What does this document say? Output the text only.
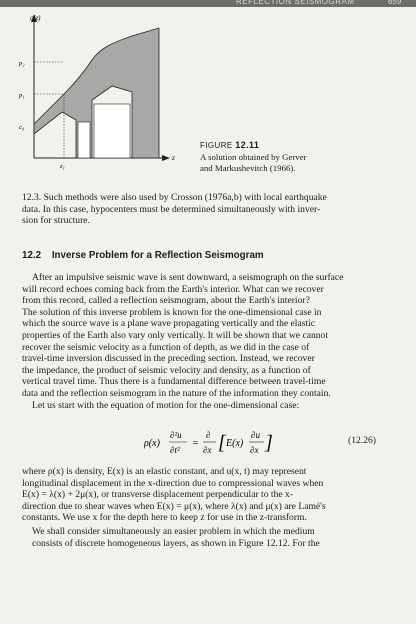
REFLECTION SEISMOGRAM	659
c(z)
z
p₂
p₁
c₀
z₁
FIGURE 12.11
A solution obtained by Gerver
and Markushevitch (1966).

12.3. Such methods were also used by Crosson (1976a,b) with local earthquake

data. In this case, hypocenters must be determined simultaneously with inver-

sion for structure.

12.2 Inverse Problem for a Reflection Seismogram

After an impulsive seismic wave is sent downward, a seismograph on the surface

will record echoes coming back from the Earth's interior. What can we recover

from this record, called a reflection seismogram, about the Earth's interior?

The solution of this inverse problem is known for the one-dimensional case in

which the source wave is a plane wave propagating vertically and the elastic

properties of the Earth also vary only vertically. It will be shown that we cannot

recover the seismic velocity as a function of depth, as we did in the case of

travel-time inversion discussed in the preceding section. Instead, we recover

the impedance, the product of seismic velocity and density, as a function of

vertical travel time. Thus there is a fundamental difference between travel-time

data and the reflection seismogram in the nature of the information they contain.

Let us start with the equation of motion for the one-dimensional case:

ρ(x)
∂²u
∂t²
=
∂
∂x [ E(x)
∂u
∂x ]	(12.26)

where ρ(x) is density, E(x) is an elastic constant, and u(x, t) may represent

longitudinal displacement in the x-direction due to compressional waves when

E(x) = λ(x) + 2μ(x), or transverse displacement perpendicular to the x-

direction due to shear waves when E(x) = μ(x), where λ(x) and μ(x) are Lamé's

constants. We use x for the depth here to keep z for use in the z-transform.

We shall consider simultaneously an easier problem in which the medium

consists of discrete homogeneous layers, as shown in Figure 12.12. For the
